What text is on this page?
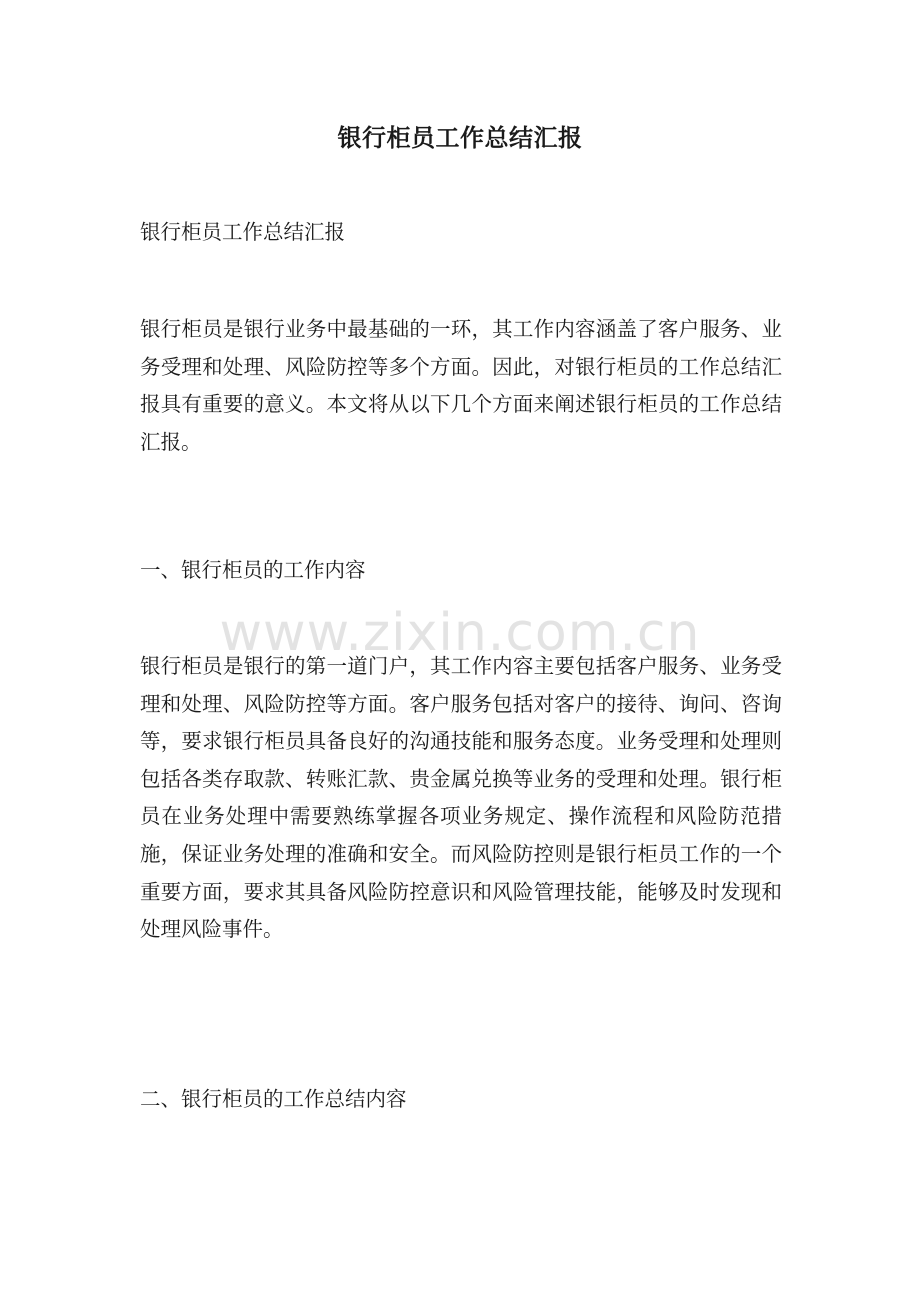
www.zixin.com.cn
银行柜员工作总结汇报
银行柜员工作总结汇报
银行柜员是银行业务中最基础的一环，其工作内容涵盖了客户服务、业务受理和处理、风险防控等多个方面。因此，对银行柜员的工作总结汇报具有重要的意义。本文将从以下几个方面来阐述银行柜员的工作总结汇报。
一、银行柜员的工作内容
银行柜员是银行的第一道门户，其工作内容主要包括客户服务、业务受理和处理、风险防控等方面。客户服务包括对客户的接待、询问、咨询等，要求银行柜员具备良好的沟通技能和服务态度。业务受理和处理则包括各类存取款、转账汇款、贵金属兑换等业务的受理和处理。银行柜员在业务处理中需要熟练掌握各项业务规定、操作流程和风险防范措施，保证业务处理的准确和安全。而风险防控则是银行柜员工作的一个重要方面，要求其具备风险防控意识和风险管理技能，能够及时发现和处理风险事件。
二、银行柜员的工作总结内容
